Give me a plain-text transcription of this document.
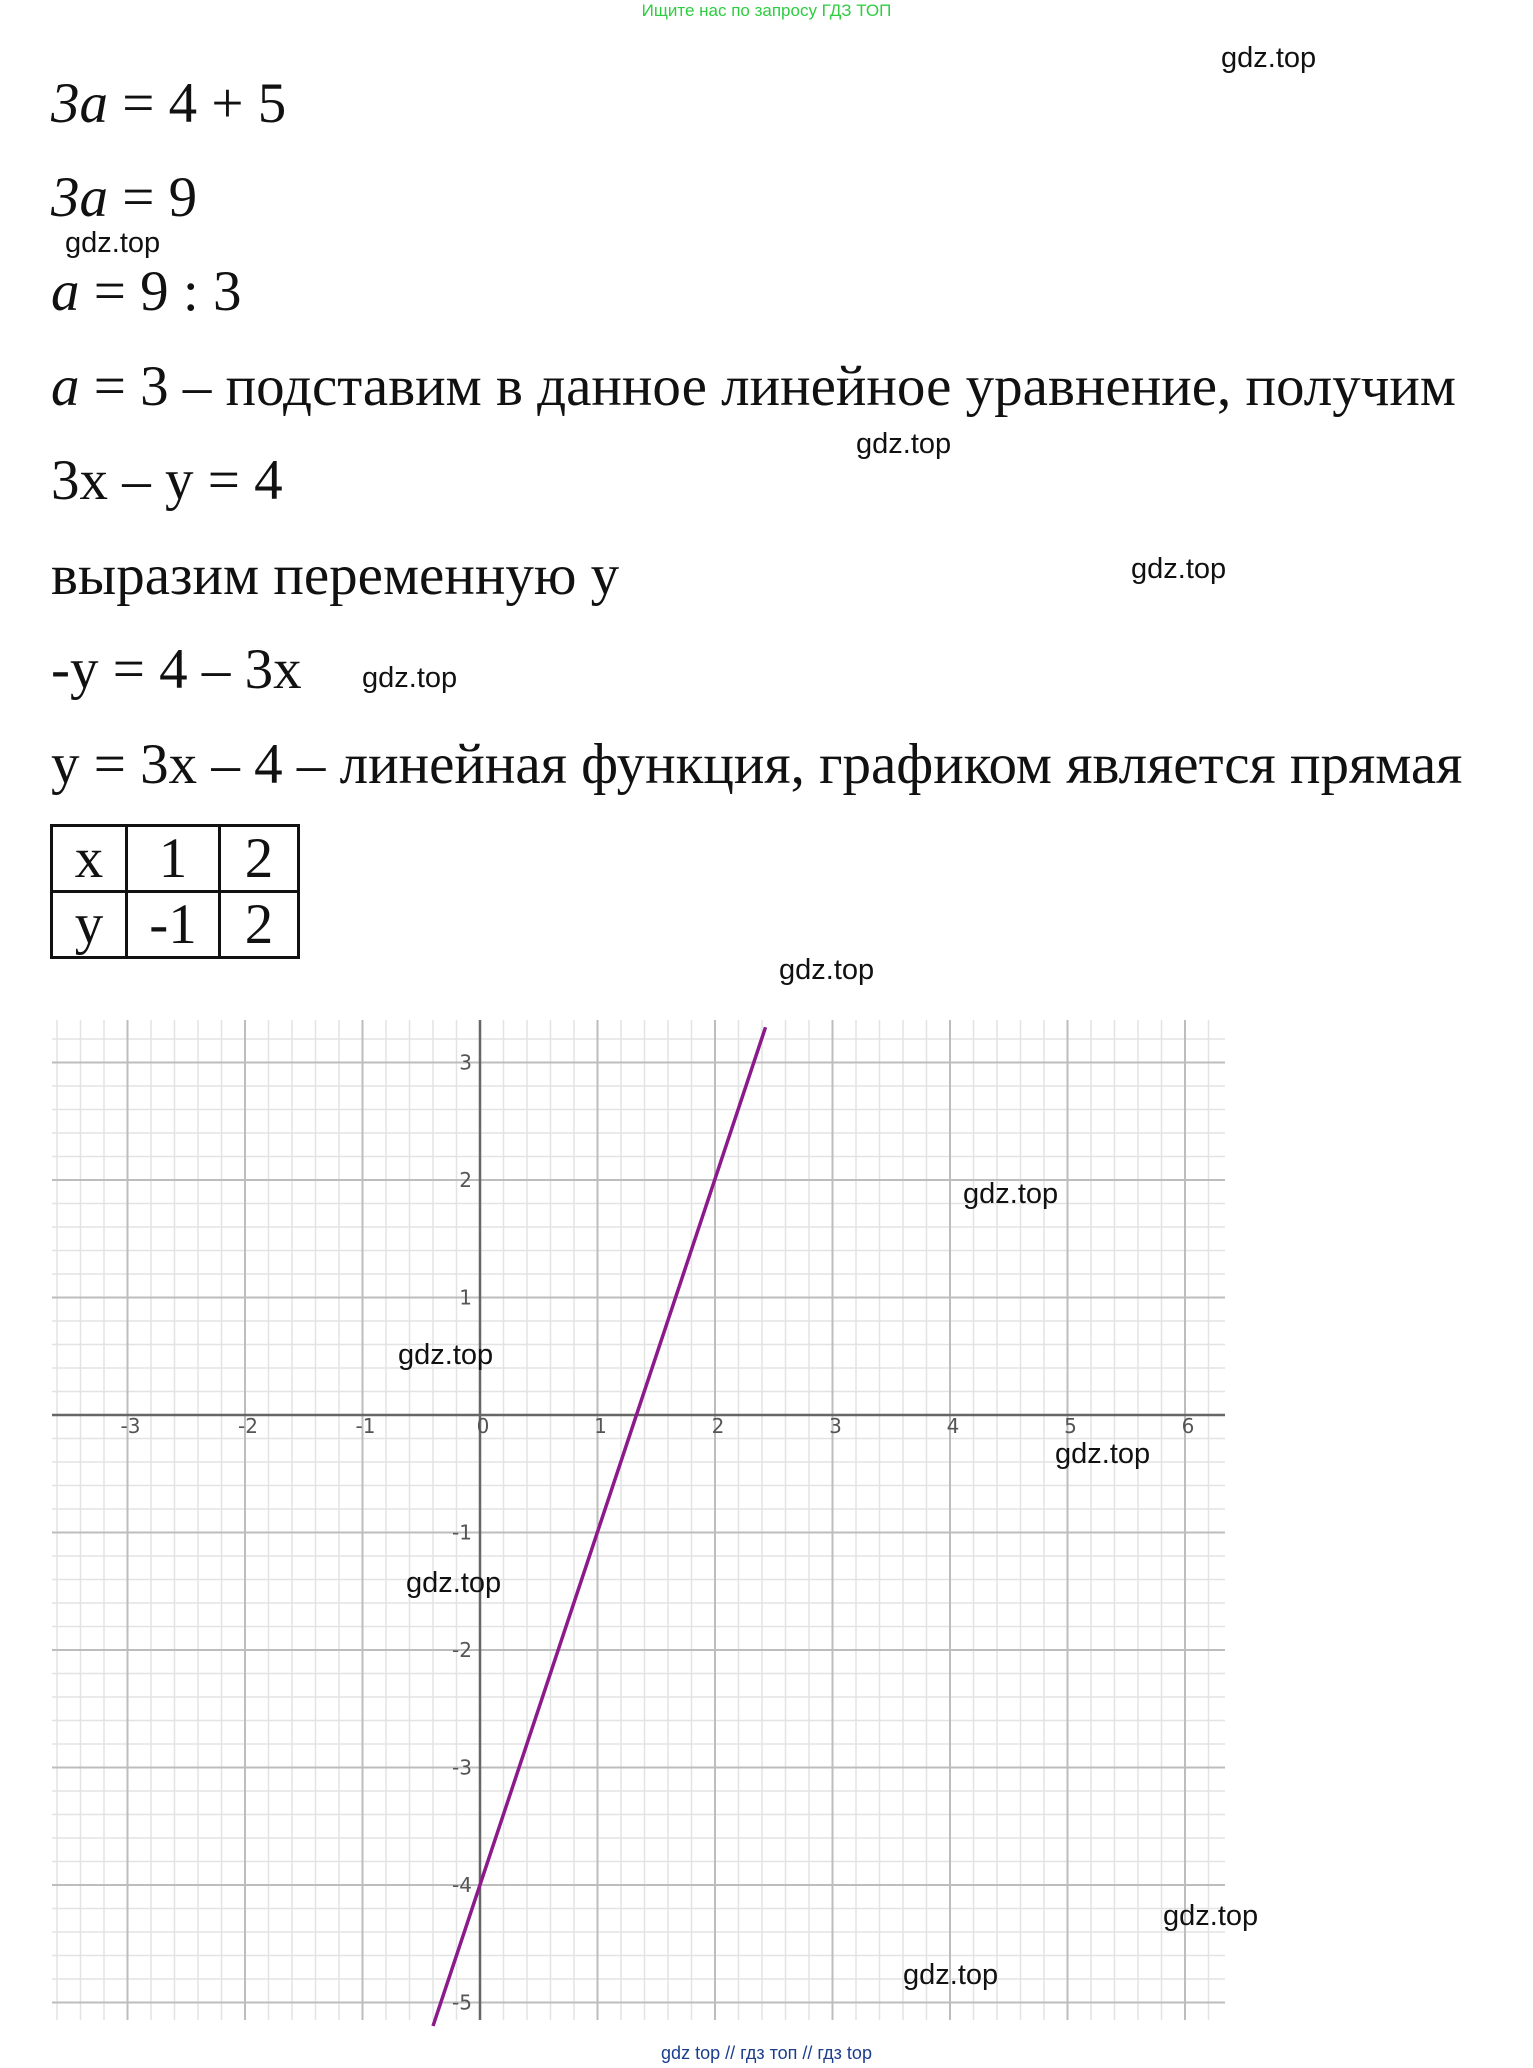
Ищите нас по запросу ГДЗ ТОП
3a = 4 + 5
3a = 9
a = 9 : 3
a = 3 – подставим в данное линейное уравнение, получим
3x – y = 4
выразим переменную y
-y = 4 – 3x
y = 3x – 4 – линейная функция, графиком является прямая
x	1	2
y	-1	2
-3	-2	-1	0	1	2	3	4	5	6
3
2
1
-1
-2
-3
-4
-5
gdz.top
gdz.top
gdz.top
gdz.top
gdz.top
gdz.top
gdz.top
gdz.top
gdz.top
gdz.top
gdz.top
gdz.top
gdz top // гдз топ // гдз top
